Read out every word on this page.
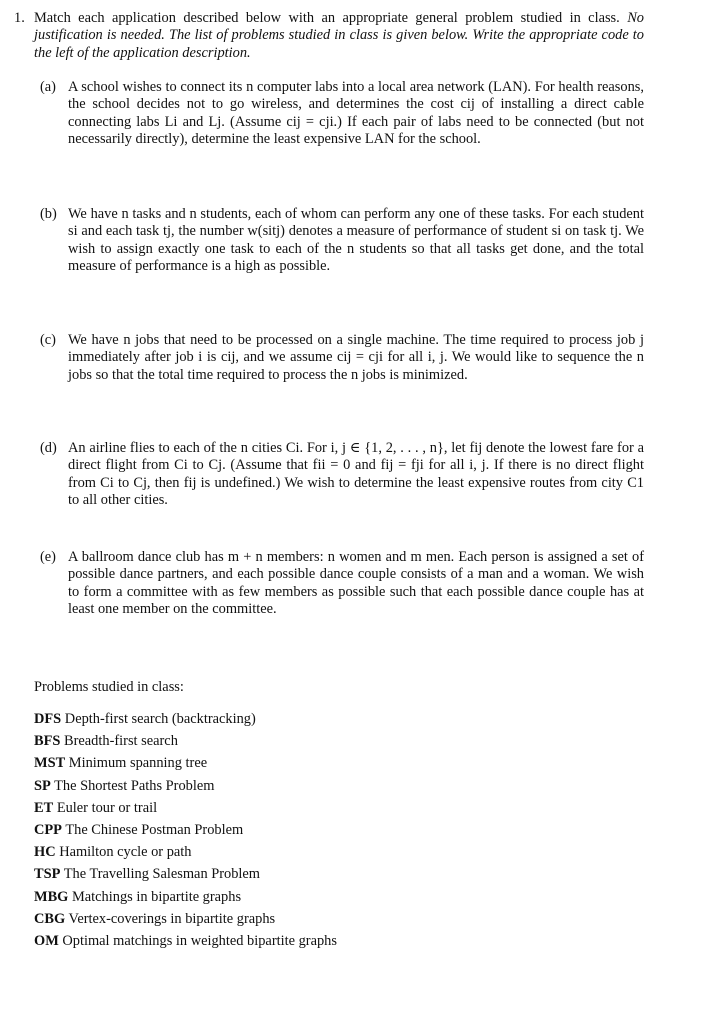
1. Match each application described below with an appropriate general problem studied in class. No justification is needed. The list of problems studied in class is given below. Write the appropriate code to the left of the application description.
(a) A school wishes to connect its n computer labs into a local area network (LAN). For health reasons, the school decides not to go wireless, and determines the cost cij of installing a direct cable connecting labs Li and Lj. (Assume cij = cji.) If each pair of labs need to be connected (but not necessarily directly), determine the least expensive LAN for the school.
(b) We have n tasks and n students, each of whom can perform any one of these tasks. For each student si and each task tj, the number w(sitj) denotes a measure of performance of student si on task tj. We wish to assign exactly one task to each of the n students so that all tasks get done, and the total measure of performance is a high as possible.
(c) We have n jobs that need to be processed on a single machine. The time required to process job j immediately after job i is cij, and we assume cij = cji for all i, j. We would like to sequence the n jobs so that the total time required to process the n jobs is minimized.
(d) An airline flies to each of the n cities Ci. For i, j ∈ {1, 2, . . . , n}, let fij denote the lowest fare for a direct flight from Ci to Cj. (Assume that fii = 0 and fij = fji for all i, j. If there is no direct flight from Ci to Cj, then fij is undefined.) We wish to determine the least expensive routes from city C1 to all other cities.
(e) A ballroom dance club has m + n members: n women and m men. Each person is assigned a set of possible dance partners, and each possible dance couple consists of a man and a woman. We wish to form a committee with as few members as possible such that each possible dance couple has at least one member on the committee.
Problems studied in class:
DFS Depth-first search (backtracking)
BFS Breadth-first search
MST Minimum spanning tree
SP The Shortest Paths Problem
ET Euler tour or trail
CPP The Chinese Postman Problem
HC Hamilton cycle or path
TSP The Travelling Salesman Problem
MBG Matchings in bipartite graphs
CBG Vertex-coverings in bipartite graphs
OM Optimal matchings in weighted bipartite graphs
